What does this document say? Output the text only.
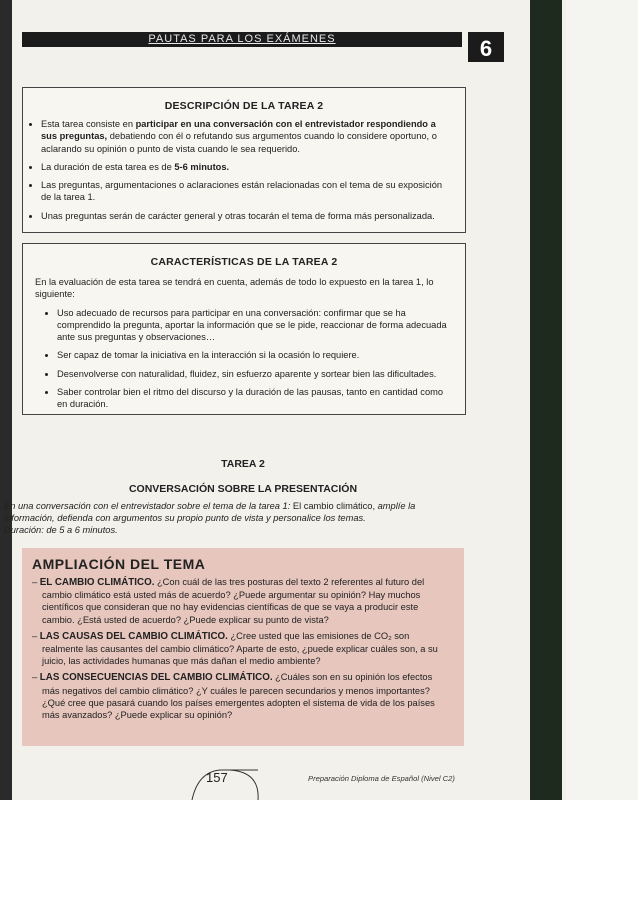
PAUTAS PARA LOS EXÁMENES	6
DESCRIPCIÓN DE LA TAREA 2
• Esta tarea consiste en participar en una conversación con el entrevistador respondiendo a sus preguntas, debatiendo con él o refutando sus argumentos cuando lo considere oportuno, o aclarando su opinión o punto de vista cuando le sea requerido.
• La duración de esta tarea es de 5-6 minutos.
• Las preguntas, argumentaciones o aclaraciones están relacionadas con el tema de su exposición de la tarea 1.
• Unas preguntas serán de carácter general y otras tocarán el tema de forma más personalizada.
CARACTERÍSTICAS DE LA TAREA 2
En la evaluación de esta tarea se tendrá en cuenta, además de todo lo expuesto en la tarea 1, lo siguiente:
• Uso adecuado de recursos para participar en una conversación: confirmar que se ha comprendido la pregunta, aportar la información que se le pide, reaccionar de forma adecuada ante sus preguntas y observaciones…
• Ser capaz de tomar la iniciativa en la interacción si la ocasión lo requiere.
• Desenvolverse con naturalidad, fluidez, sin esfuerzo aparente y sortear bien las dificultades.
• Saber controlar bien el ritmo del discurso y la duración de las pausas, tanto en cantidad como en duración.
TAREA 2
CONVERSACIÓN SOBRE LA PRESENTACIÓN
En una conversación con el entrevistador sobre el tema de la tarea 1: El cambio climático, amplíe la información, defienda con argumentos su propio punto de vista y personalice los temas.
Duración: de 5 a 6 minutos.
AMPLIACIÓN DEL TEMA
– EL CAMBIO CLIMÁTICO. ¿Con cuál de las tres posturas del texto 2 referentes al futuro del cambio climático está usted más de acuerdo? ¿Puede argumentar su opinión? Hay muchos científicos que consideran que no hay evidencias científicas de que se vaya a producir este cambio. ¿Está usted de acuerdo? ¿Puede explicar su punto de vista?
– LAS CAUSAS DEL CAMBIO CLIMÁTICO. ¿Cree usted que las emisiones de CO₂ son realmente las causantes del cambio climático? Aparte de esto, ¿puede explicar cuáles son, a su juicio, las actividades humanas que más dañan el medio ambiente?
– LAS CONSECUENCIAS DEL CAMBIO CLIMÁTICO. ¿Cuáles son en su opinión los efectos más negativos del cambio climático? ¿Y cuáles le parecen secundarios y menos importantes? ¿Qué cree que pasará cuando los países emergentes adopten el sistema de vida de los países más avanzados? ¿Puede explicar su opinión?
157	Preparación Diploma de Español (Nivel C2)
